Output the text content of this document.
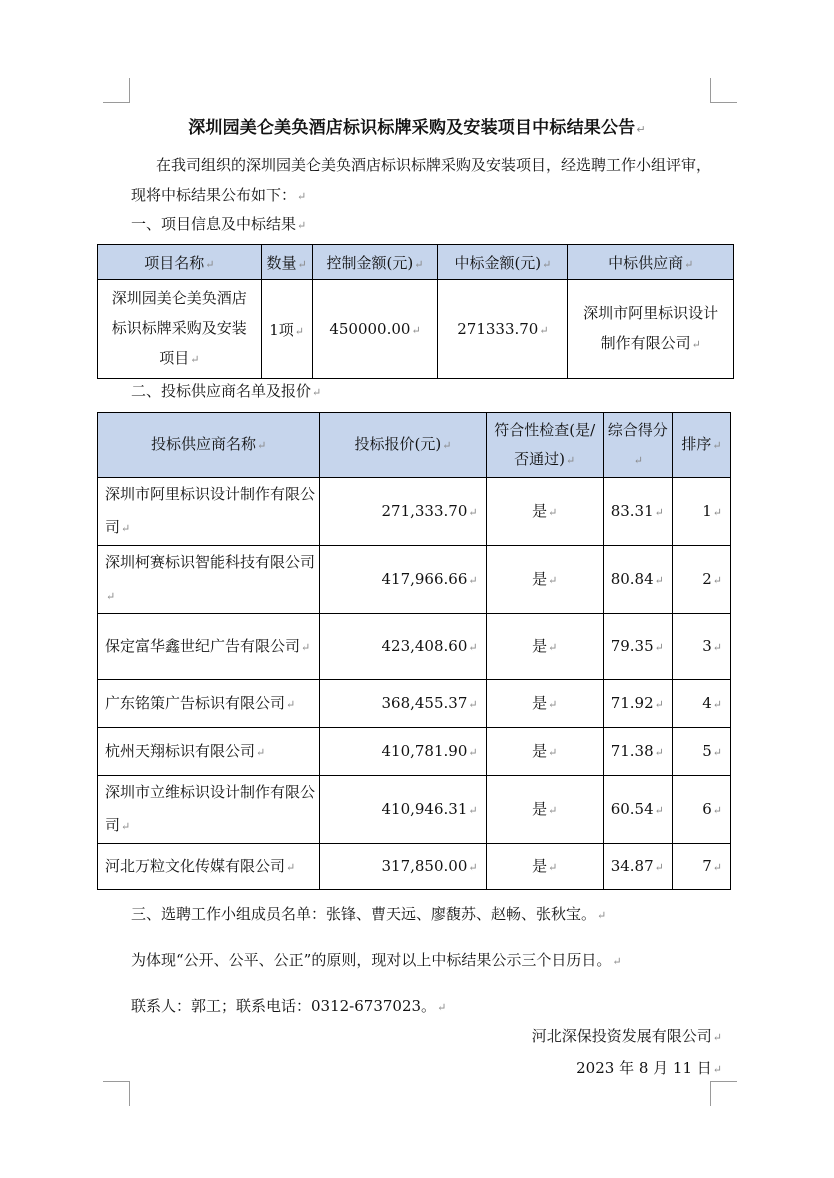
深圳园美仑美奂酒店标识标牌采购及安装项目中标结果公告↵
在我司组织的深圳园美仑美奂酒店标识标牌采购及安装项目，经选聘工作小组评审，现将中标结果公布如下：↵
一、项目信息及中标结果↵
项目名称↵	数量↵	控制金额(元)↵	中标金额(元)↵	中标供应商↵
深圳园美仑美奂酒店标识标牌采购及安装项目↵	1项↵	450000.00↵	271333.70↵	深圳市阿里标识设计制作有限公司↵
二、投标供应商名单及报价↵
投标供应商名称↵	投标报价(元)↵	符合性检查(是/否通过)↵	综合得分↵	排序↵
深圳市阿里标识设计制作有限公司↵	271,333.70↵	是↵	83.31↵	1↵
深圳柯赛标识智能科技有限公司↵	417,966.66↵	是↵	80.84↵	2↵
保定富华鑫世纪广告有限公司↵	423,408.60↵	是↵	79.35↵	3↵
广东铭策广告标识有限公司↵	368,455.37↵	是↵	71.92↵	4↵
杭州天翔标识有限公司↵	410,781.90↵	是↵	71.38↵	5↵
深圳市立维标识设计制作有限公司↵	410,946.31↵	是↵	60.54↵	6↵
河北万粒文化传媒有限公司↵	317,850.00↵	是↵	34.87↵	7↵
三、选聘工作小组成员名单：张锋、曹天远、廖馥苏、赵畅、张秋宝。↵
为体现“公开、公平、公正”的原则，现对以上中标结果公示三个日历日。↵
联系人：郭工；联系电话：0312-6737023。↵
河北深保投资发展有限公司↵
2023 年 8 月 11 日↵
